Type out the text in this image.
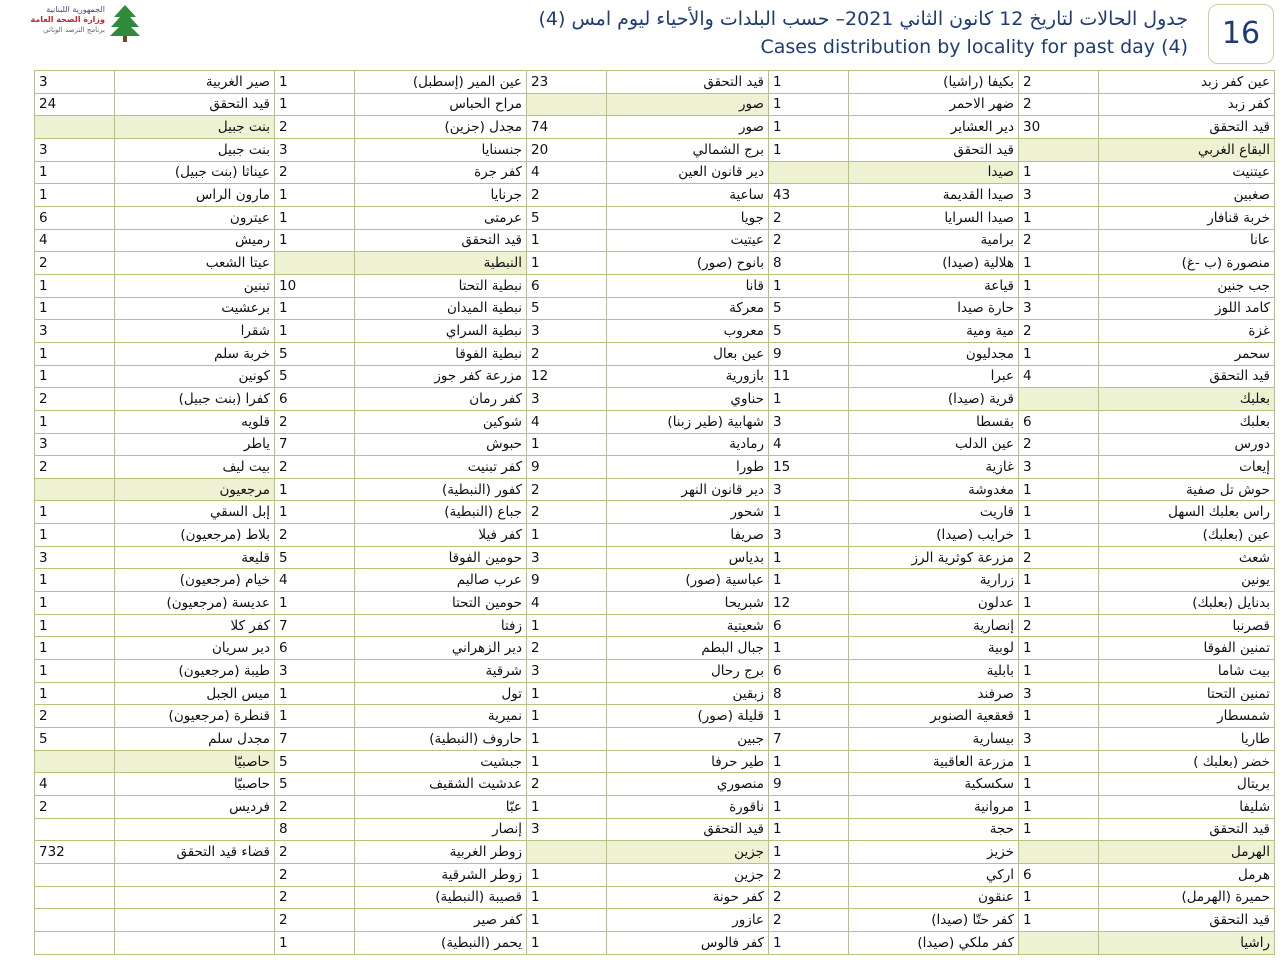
الجمهورية اللبنانية
وزارة الصحة العامة
برنامج الترصد الوبائي	جدول الحالات لتاريخ 12 كانون الثاني 2021– حسب البلدات والأحياء ليوم امس (4)
Cases distribution by locality for past day (4)	16
3	صير الغربية	1	عين المير (إسطبل)	23	قيد التحقق	1	بكيفا (راشيا)	2	عين كفر زبد
24	قيد التحقق	1	مراح الحباس		صور	1	ضهر الاحمر	2	كفر زبد
	بنت جبيل	2	مجدل (جزين)	74	صور	1	دير العشاير	30	قيد التحقق
3	بنت جبيل	3	جنسنايا	20	برج الشمالي	1	قيد التحقق		البقاع الغربي
1	عيناثا (بنت جبيل)	2	كفر جرة	4	دير قانون العين		صيدا	1	عيتنيت
1	مارون الراس	1	جرنايا	2	ساعية	43	صيدا القديمة	3	صغبين
6	عيترون	1	عرمتى	5	جويا	2	صيدا السرايا	1	خربة قنافار
4	رميش	1	قيد التحقق	1	عيتيت	2	برامية	2	عانا
2	عيتا الشعب		النبطية	1	بانوح (صور)	8	هلالية (صيدا)	1	منصورة (ب -غ)
1	تبنين	10	نبطية التحتا	6	قانا	1	قياعة	1	جب جنين
1	برعشيت	1	نبطية الميدان	5	معركة	5	حارة صيدا	3	كامد اللوز
3	شقرا	1	نبطية السراي	3	معروب	5	مية ومية	2	غزة
1	خربة سلم	5	نبطية الفوقا	2	عين بعال	9	مجدليون	1	سحمر
1	كونين	5	مزرعة كفر جوز	12	بازورية	11	عبرا	4	قيد التحقق
2	كفرا (بنت جبيل)	6	كفر رمان	3	حناوي	1	قرية (صيدا)		بعلبك
1	قلويه	2	شوكين	4	شهابية (طير زبنا)	3	بقسطا	6	بعلبك
3	ياطر	7	حبوش	1	رمادية	4	عين الدلب	2	دورس
2	بيت ليف	2	كفر تبنيت	9	طورا	15	غازية	3	إيعات
	مرجعيون	1	كفور (النبطية)	2	دير قانون النهر	3	مغدوشة	1	حوش تل صفية
1	إبل السقي	1	جباع (النبطية)	2	شحور	1	قاريت	1	راس بعلبك السهل
1	بلاط (مرجعيون)	2	كفر فيلا	1	صريفا	3	خرايب (صيدا)	1	عين (بعلبك)
3	قليعة	5	حومين الفوقا	3	بدياس	1	مزرعة كوثرية الرز	2	شعث
1	خيام (مرجعيون)	4	عرب صاليم	9	عباسية (صور)	1	زرارية	1	يونين
1	عديسة (مرجعيون)	1	حومين التحتا	4	شبريحا	12	عدلون	1	بدنايل (بعلبك)
1	كفر كلا	7	زفتا	1	شعيتية	6	إنصارية	2	قصرنبا
1	دير سريان	6	دير الزهراني	2	جبال البطم	1	لوبية	1	تمنين الفوقا
1	طيبة (مرجعيون)	3	شرقية	3	برج رحال	6	بابلية	1	بيت شاما
1	ميس الجبل	1	تول	1	زبقين	8	صرفند	3	تمنين التحتا
2	قنطرة (مرجعيون)	1	نميرية	1	قليلة (صور)	1	قعقعية الصنوبر	1	شمسطار
5	مجدل سلم	7	حاروف (النبطية)	1	جبين	7	بيسارية	3	طاريا
	حاصبيّا	5	جبشيت	1	طير حرفا	1	مزرعة العاقبية	1	خضر (بعلبك )
4	حاصبيّا	5	عدشيت الشقيف	2	منصوري	9	سكسكية	1	بريتال
2	فرديس	2	عبّا	1	ناقورة	1	مروانية	1	شليفا
		8	إنصار	3	قيد التحقق	1	حجة	1	قيد التحقق
732	قضاء قيد التحقق	2	زوطر الغربية		جزين	1	خزيز		الهرمل
		2	زوطر الشرقية	1	جزين	2	اركي	6	هرمل
		2	قصيبة (النبطية)	1	كفر حونة	2	عنقون	1	حميرة (الهرمل)
		2	كفر صير	1	عازور	2	كفر حتّا (صيدا)	1	قيد التحقق
		1	يحمر (النبطية)	1	كفر فالوس	1	كفر ملكي (صيدا)		راشيا
